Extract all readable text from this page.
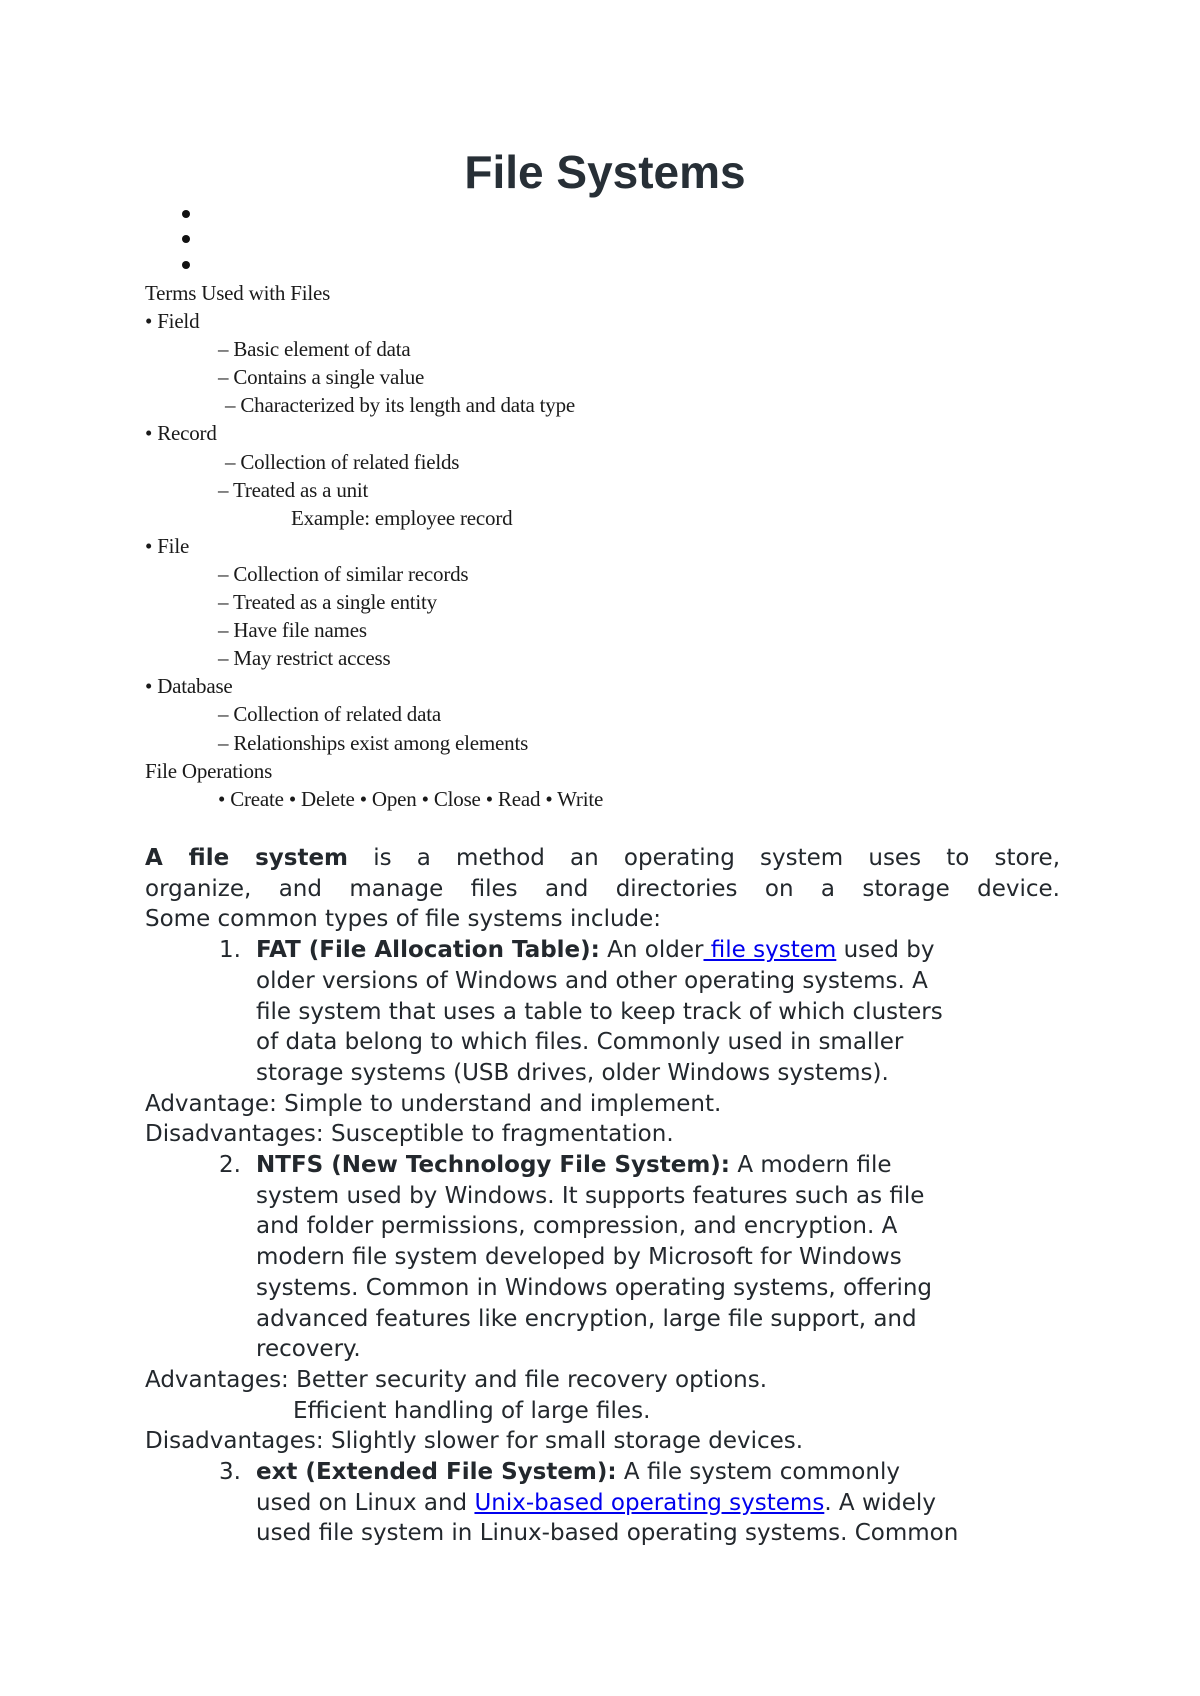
File Systems
Terms Used with Files
• Field
– Basic element of data
– Contains a single value
– Characterized by its length and data type
• Record
– Collection of related fields
– Treated as a unit
Example: employee record
• File
– Collection of similar records
– Treated as a single entity
– Have file names
– May restrict access
• Database
– Collection of related data
– Relationships exist among elements
File Operations
• Create • Delete • Open • Close • Read • Write
A file system is a method an operating system uses to store,
organize, and manage files and directories on a storage device.
Some common types of file systems include:
1. FAT (File Allocation Table): An older file system used by
older versions of Windows and other operating systems. A
file system that uses a table to keep track of which clusters
of data belong to which files. Commonly used in smaller
storage systems (USB drives, older Windows systems).
Advantage: Simple to understand and implement.
Disadvantages: Susceptible to fragmentation.
2. NTFS (New Technology File System): A modern file
system used by Windows. It supports features such as file
and folder permissions, compression, and encryption. A
modern file system developed by Microsoft for Windows
systems. Common in Windows operating systems, offering
advanced features like encryption, large file support, and
recovery.
Advantages: Better security and file recovery options.
Efficient handling of large files.
Disadvantages: Slightly slower for small storage devices.
3. ext (Extended File System): A file system commonly
used on Linux and Unix-based operating systems. A widely
used file system in Linux-based operating systems. Common
